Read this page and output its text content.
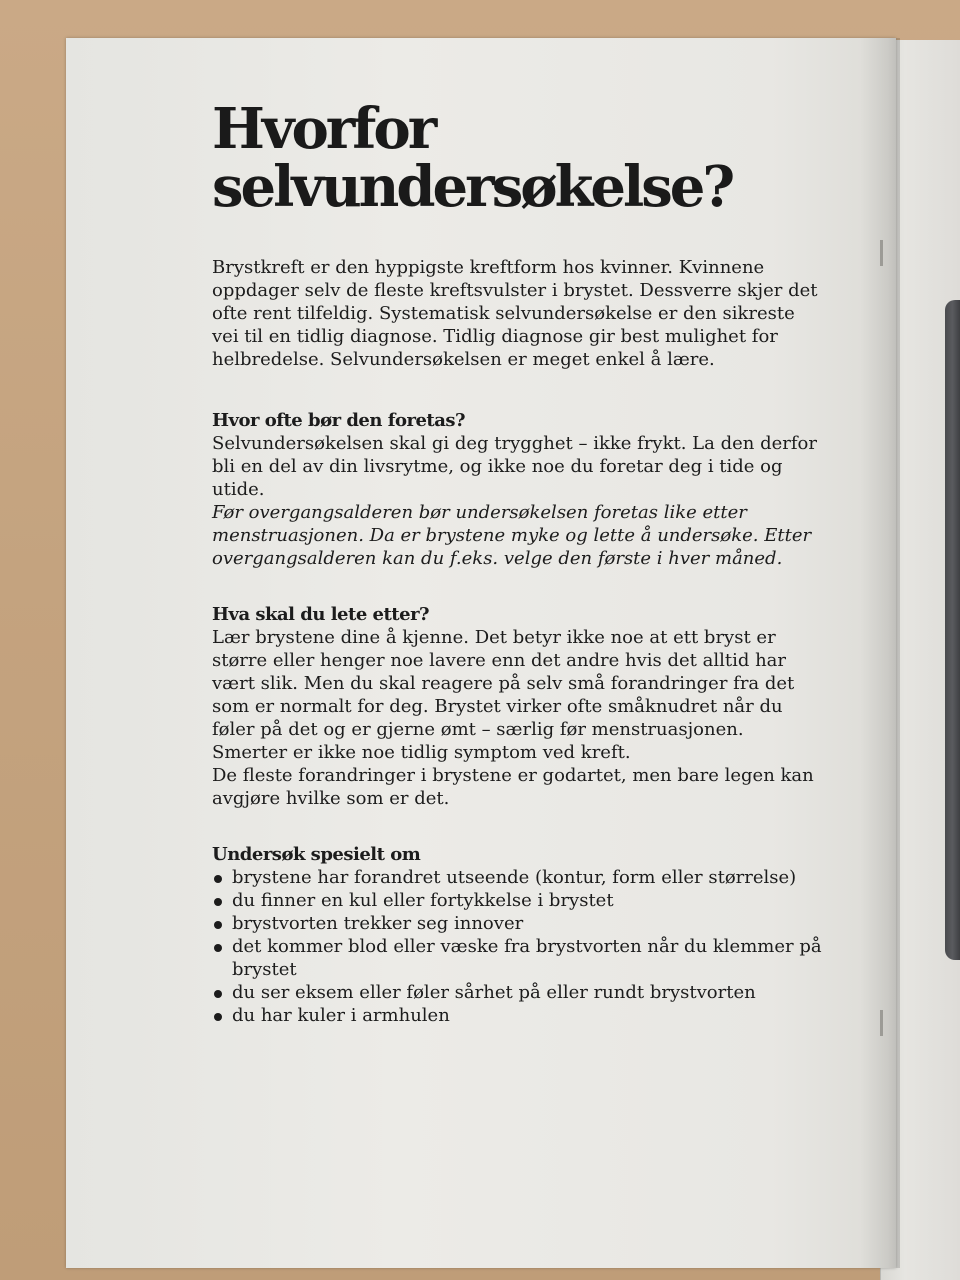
Hvorfor selvundersøkelse?

Brystkreft er den hyppigste kreftform hos kvinner. Kvinnene oppdager selv de fleste kreftsvulster i brystet. Dessverre skjer det ofte rent tilfeldig. Systematisk selvundersøkelse er den sikreste vei til en tidlig diagnose. Tidlig diagnose gir best mulighet for helbredelse. Selvundersøkelsen er meget enkel å lære.

Hvor ofte bør den foretas?

Selvundersøkelsen skal gi deg trygghet – ikke frykt. La den derfor bli en del av din livsrytme, og ikke noe du foretar deg i tide og utide.

Før overgangsalderen bør undersøkelsen foretas like etter menstruasjonen. Da er brystene myke og lette å undersøke. Etter overgangsalderen kan du f.eks. velge den første i hver måned.

Hva skal du lete etter?

Lær brystene dine å kjenne. Det betyr ikke noe at ett bryst er større eller henger noe lavere enn det andre hvis det alltid har vært slik. Men du skal reagere på selv små forandringer fra det som er normalt for deg. Brystet virker ofte småknudret når du føler på det og er gjerne ømt – særlig før menstruasjonen. Smerter er ikke noe tidlig symptom ved kreft.

De fleste forandringer i brystene er godartet, men bare legen kan avgjøre hvilke som er det.

Undersøk spesielt om
brystene har forandret utseende (kontur, form eller størrelse)
du finner en kul eller fortykkelse i brystet
brystvorten trekker seg innover
det kommer blod eller væske fra brystvorten når du klemmer på brystet
du ser eksem eller føler sårhet på eller rundt brystvorten
du har kuler i armhulen
